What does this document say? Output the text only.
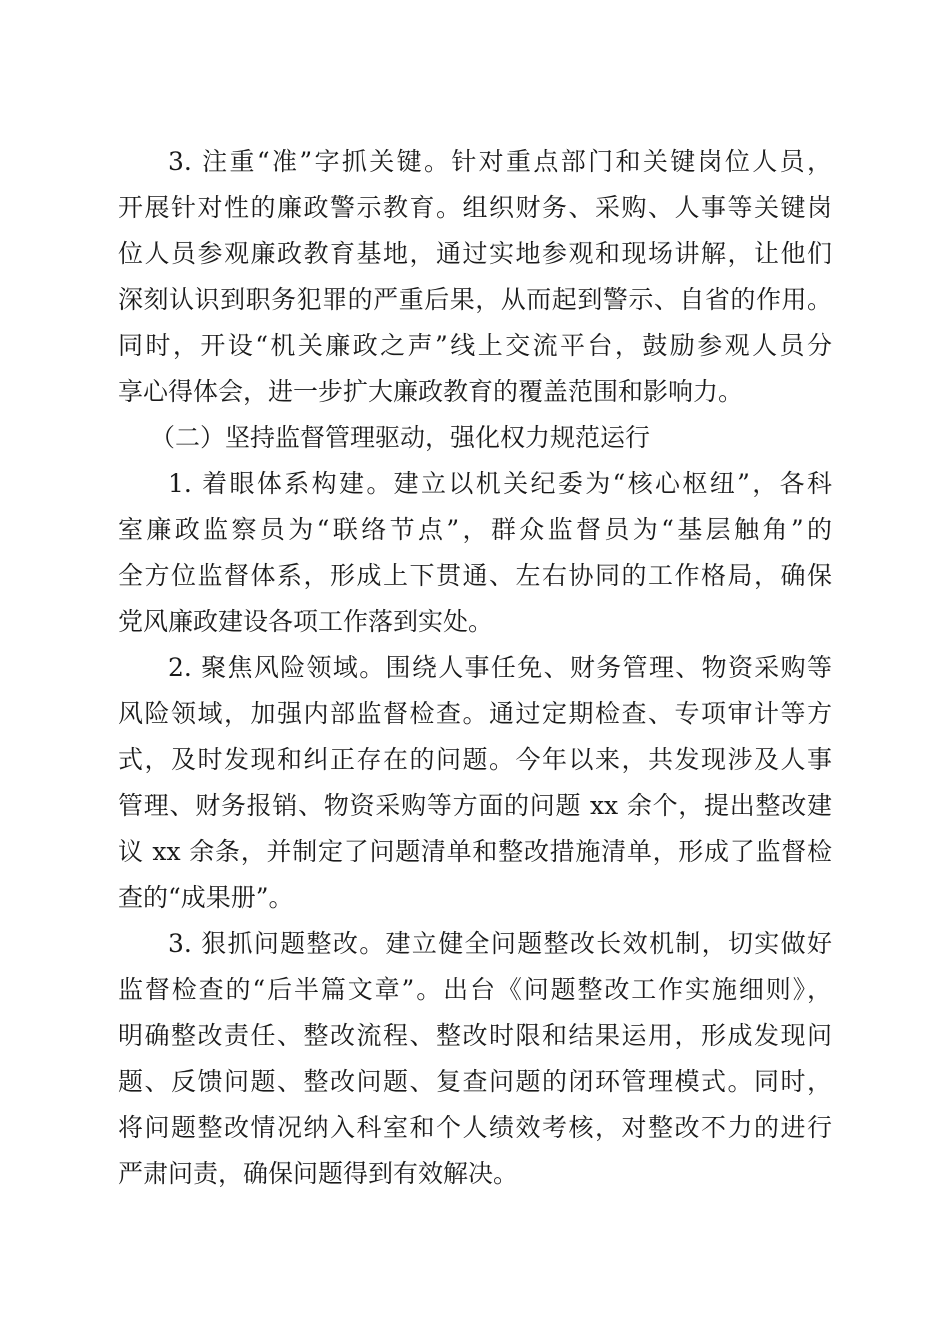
3. 注重“准”字抓关键。针对重点部门和关键岗位人员，
开展针对性的廉政警示教育。组织财务、采购、人事等关键岗
位人员参观廉政教育基地，通过实地参观和现场讲解，让他们
深刻认识到职务犯罪的严重后果，从而起到警示、自省的作用。
同时，开设“机关廉政之声”线上交流平台，鼓励参观人员分
享心得体会，进一步扩大廉政教育的覆盖范围和影响力。
（二）坚持监督管理驱动，强化权力规范运行
1. 着眼体系构建。建立以机关纪委为“核心枢纽”，各科
室廉政监察员为“联络节点”，群众监督员为“基层触角”的
全方位监督体系，形成上下贯通、左右协同的工作格局，确保
党风廉政建设各项工作落到实处。
2. 聚焦风险领域。围绕人事任免、财务管理、物资采购等
风险领域，加强内部监督检查。通过定期检查、专项审计等方
式，及时发现和纠正存在的问题。今年以来，共发现涉及人事
管理、财务报销、物资采购等方面的问题 xx 余个，提出整改建
议 xx 余条，并制定了问题清单和整改措施清单，形成了监督检
查的“成果册”。
3. 狠抓问题整改。建立健全问题整改长效机制，切实做好
监督检查的“后半篇文章”。出台《问题整改工作实施细则》，
明确整改责任、整改流程、整改时限和结果运用，形成发现问
题、反馈问题、整改问题、复查问题的闭环管理模式。同时，
将问题整改情况纳入科室和个人绩效考核，对整改不力的进行
严肃问责，确保问题得到有效解决。
